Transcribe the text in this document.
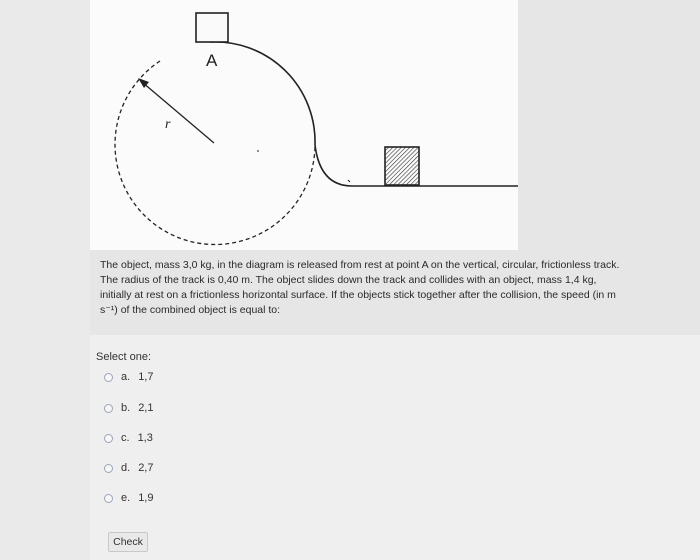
A
r
The object, mass 3,0 kg, in the diagram is released from rest at point A on the vertical, circular, frictionless track.
The radius of the track is 0,40 m. The object slides down the track and collides with an object, mass 1,4 kg,
initially at rest on a frictionless horizontal surface. If the objects stick together after the collision, the speed (in m
s⁻¹) of the combined object is equal to:
Select one:
a. 1,7
b. 2,1
c. 1,3
d. 2,7
e. 1,9
Check
